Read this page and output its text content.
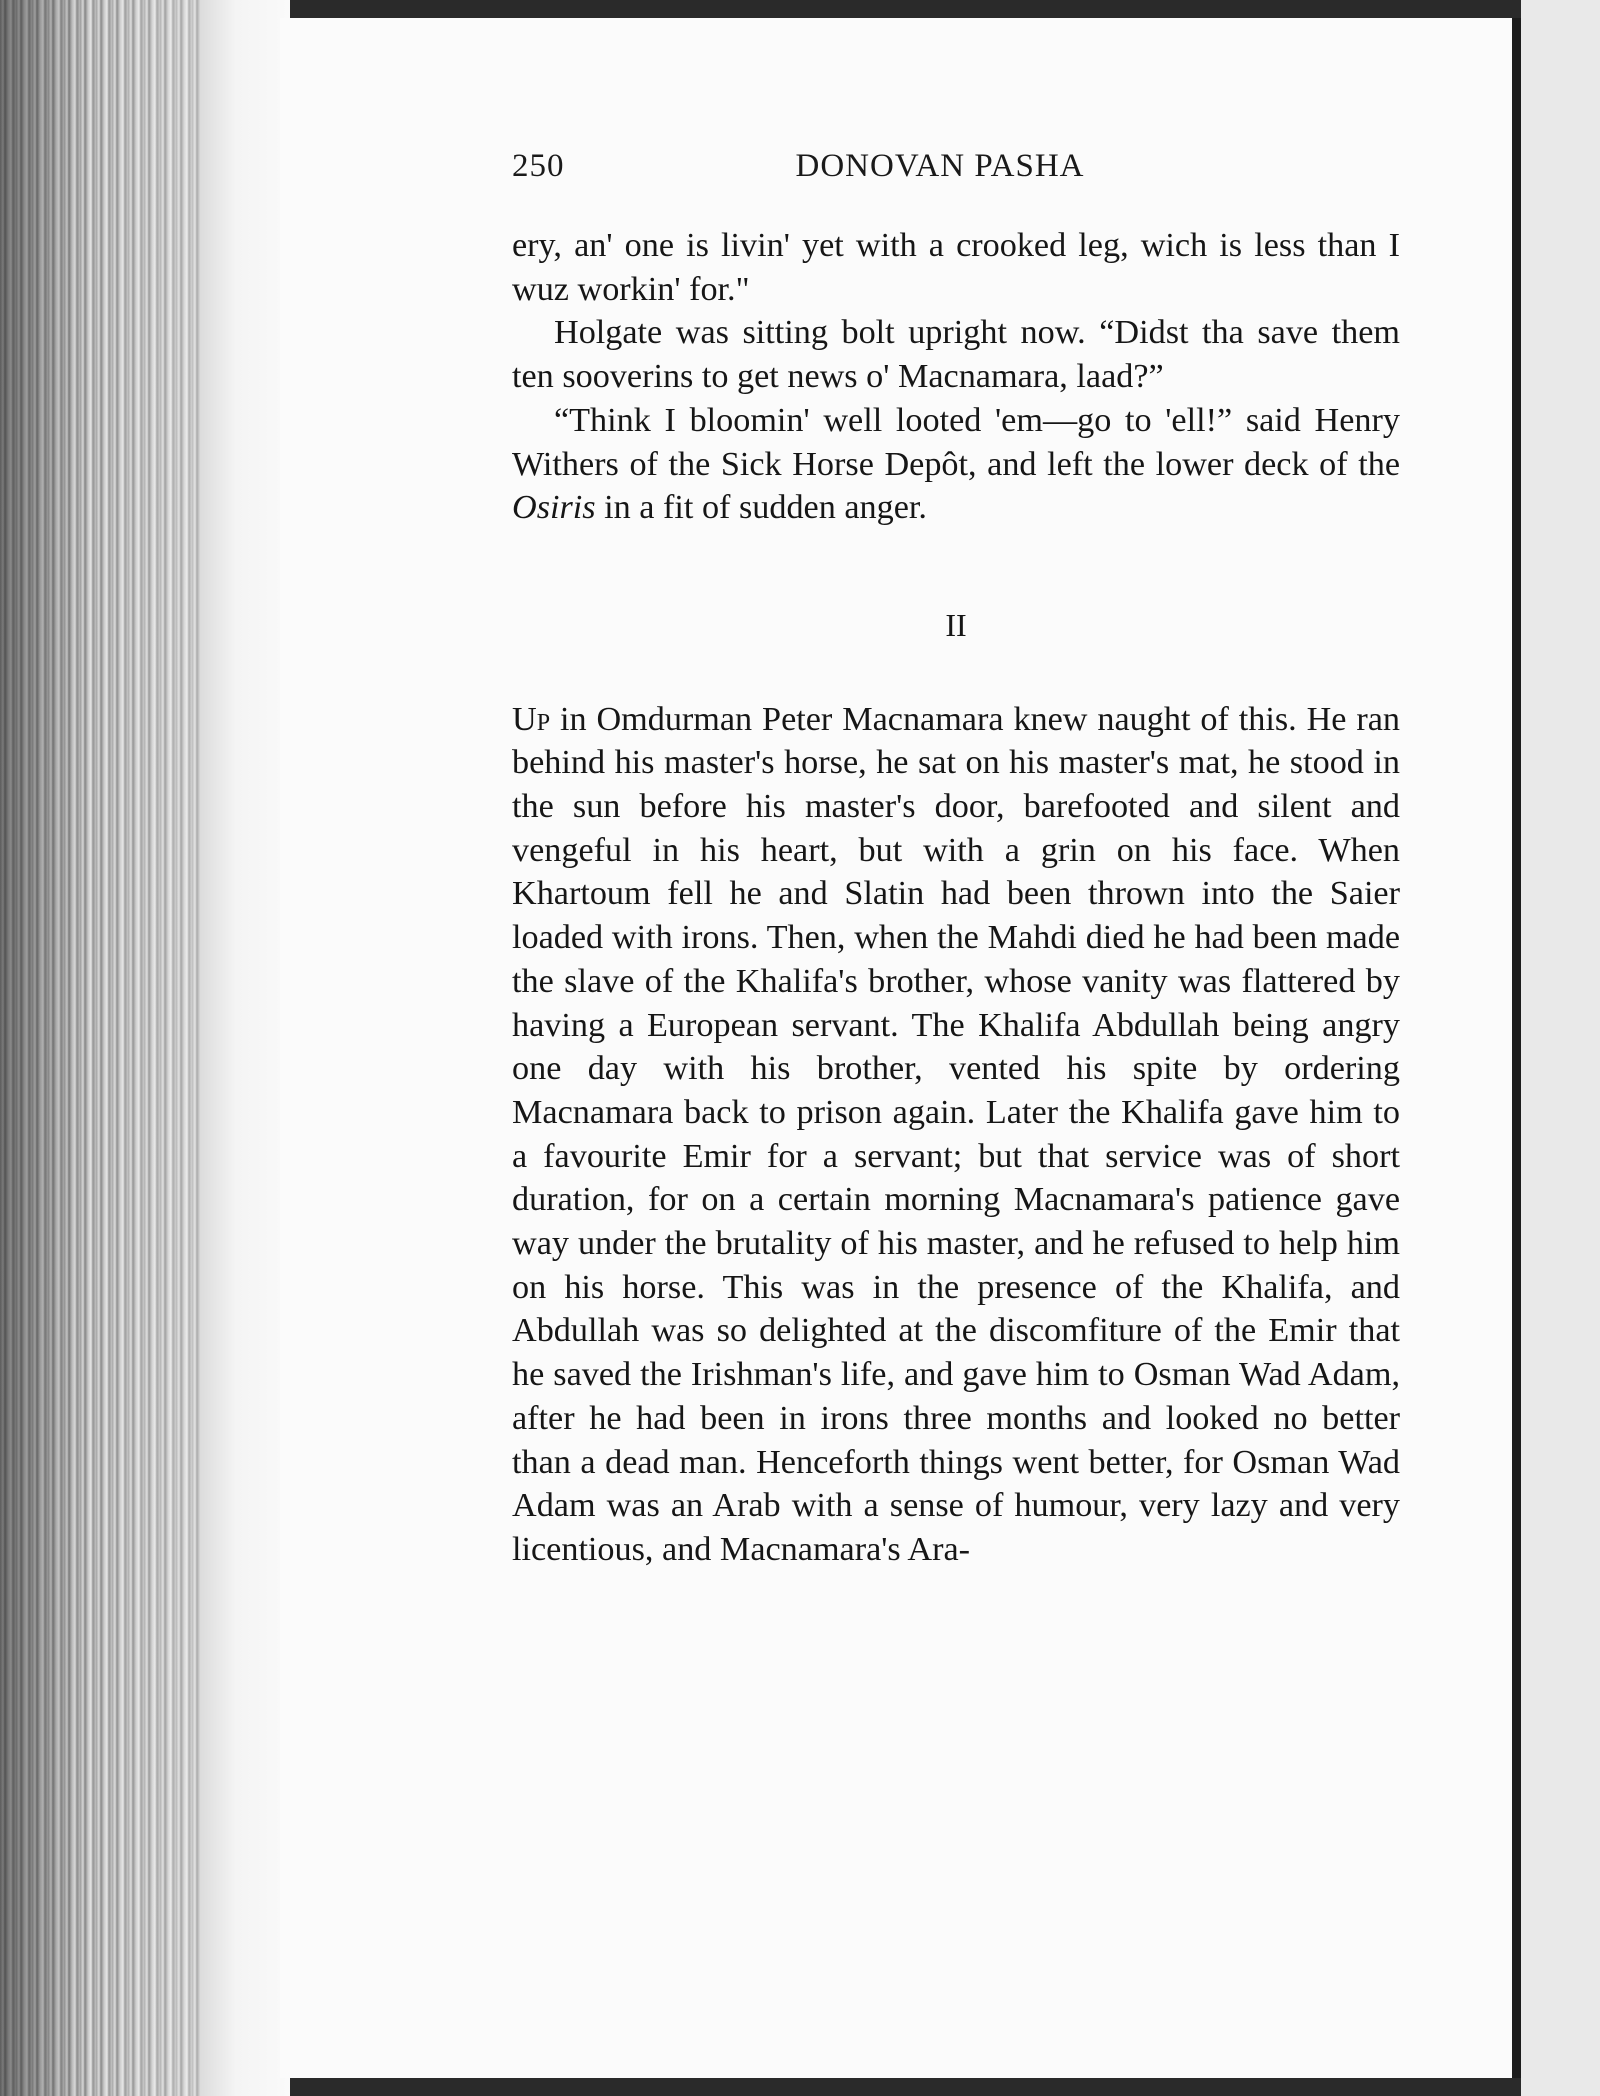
250	DONOVAN PASHA

ery, an' one is livin' yet with a crooked leg, wich is less than I wuz workin' for."

Holgate was sitting bolt upright now. “Didst tha save them ten sooverins to get news o' Macnamara, laad?”

“Think I bloomin' well looted 'em—go to 'ell!” said Henry Withers of the Sick Horse Depôt, and left the lower deck of the Osiris in a fit of sudden anger.

II

Up in Omdurman Peter Macnamara knew naught of this. He ran behind his master's horse, he sat on his master's mat, he stood in the sun before his master's door, barefooted and silent and vengeful in his heart, but with a grin on his face. When Khartoum fell he and Slatin had been thrown into the Saier loaded with irons. Then, when the Mahdi died he had been made the slave of the Khalifa's brother, whose vanity was flattered by having a European servant. The Khalifa Abdullah being angry one day with his brother, vented his spite by ordering Macnamara back to prison again. Later the Khalifa gave him to a favourite Emir for a servant; but that service was of short duration, for on a certain morning Macnamara's patience gave way under the brutality of his master, and he refused to help him on his horse. This was in the presence of the Khalifa, and Abdullah was so delighted at the discomfiture of the Emir that he saved the Irishman's life, and gave him to Osman Wad Adam, after he had been in irons three months and looked no better than a dead man. Henceforth things went better, for Osman Wad Adam was an Arab with a sense of humour, very lazy and very licentious, and Macnamara's Ara-
